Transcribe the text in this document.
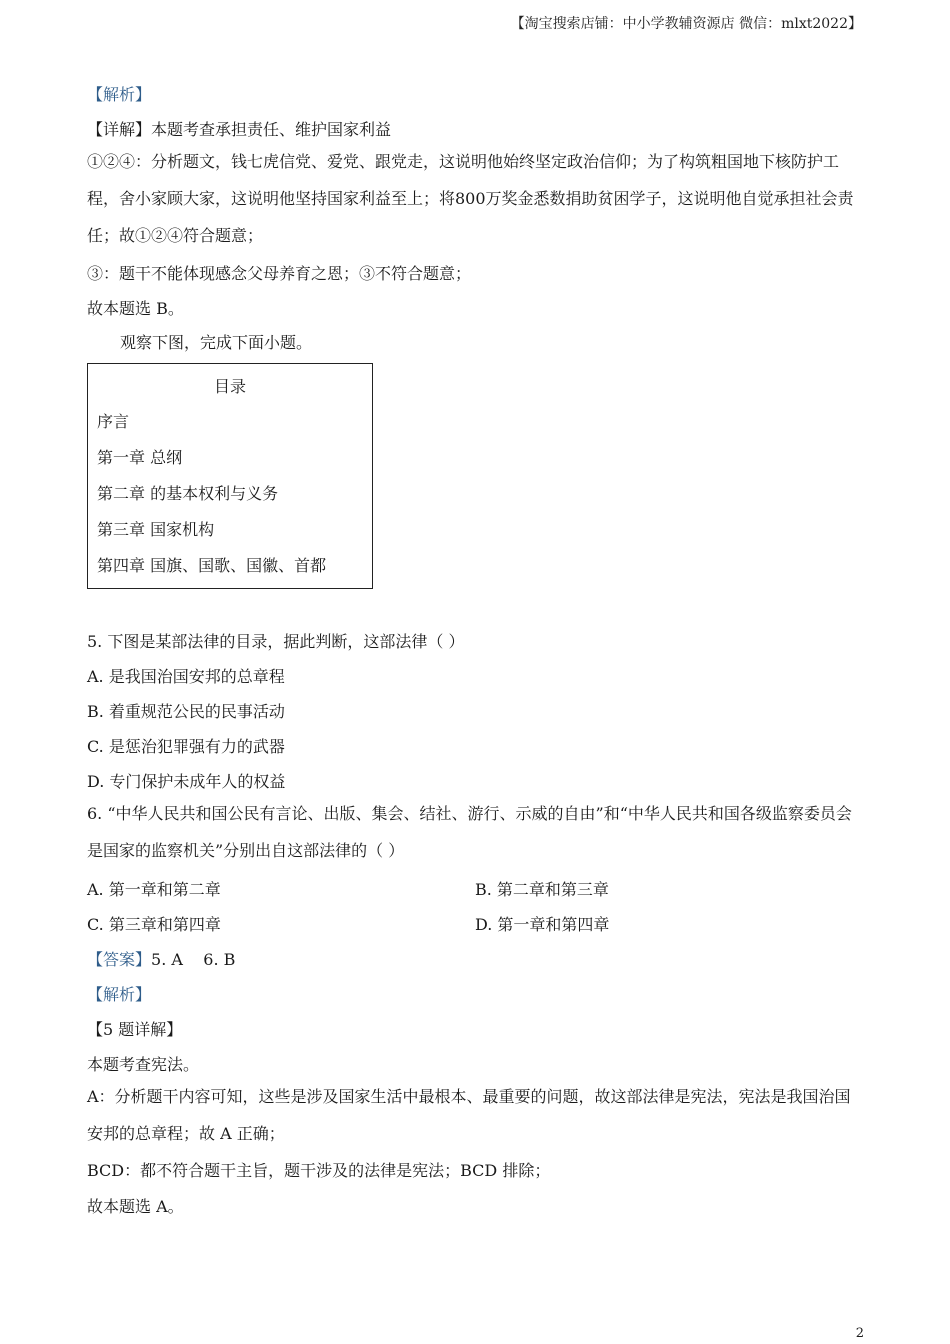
【淘宝搜索店铺：中小学教辅资源店 微信：mlxt2022】
【解析】
【详解】本题考查承担责任、维护国家利益
①②④：分析题文，钱七虎信党、爱党、跟党走，这说明他始终坚定政治信仰；为了构筑粗国地下核防护工程，舍小家顾大家，这说明他坚持国家利益至上；将800万奖金悉数捐助贫困学子，这说明他自觉承担社会责任；故①②④符合题意；
③：题干不能体现感念父母养育之恩；③不符合题意；
故本题选 B。
观察下图，完成下面小题。
目录
序言
第一章 总纲
第二章 的基本权利与义务
第三章 国家机构
第四章 国旗、国歌、国徽、首都
5. 下图是某部法律的目录，据此判断，这部法律（ ）
A. 是我国治国安邦的总章程
B. 着重规范公民的民事活动
C. 是惩治犯罪强有力的武器
D. 专门保护未成年人的权益
6. “中华人民共和国公民有言论、出版、集会、结社、游行、示威的自由”和“中华人民共和国各级监察委员会是国家的监察机关”分别出自这部法律的（ ）
A. 第一章和第二章	B. 第二章和第三章
C. 第三章和第四章	D. 第一章和第四章
【答案】5. A    6. B
【解析】
【5 题详解】
本题考查宪法。
A：分析题干内容可知，这些是涉及国家生活中最根本、最重要的问题，故这部法律是宪法，宪法是我国治国安邦的总章程；故 A 正确；
BCD：都不符合题干主旨，题干涉及的法律是宪法；BCD 排除；
故本题选 A。
2
